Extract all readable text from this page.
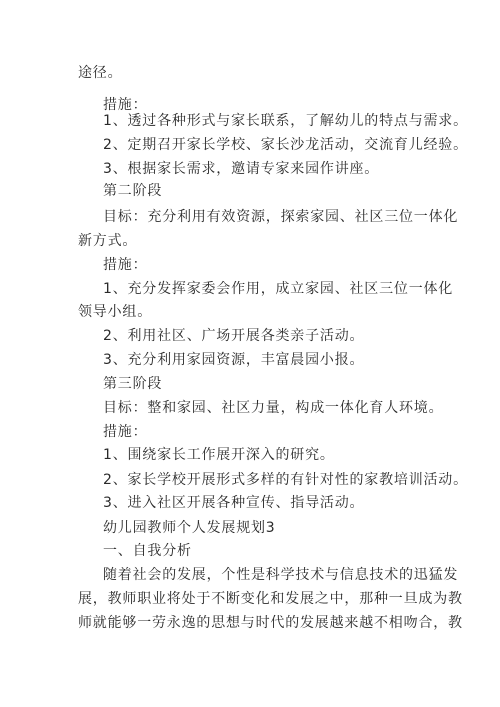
途径。
措施：
1、透过各种形式与家长联系，了解幼儿的特点与需求。
2、定期召开家长学校、家长沙龙活动，交流育儿经验。
3、根据家长需求，邀请专家来园作讲座。
第二阶段
目标：充分利用有效资源，探索家园、社区三位一体化
新方式。
措施：
1、充分发挥家委会作用，成立家园、社区三位一体化
领导小组。
2、利用社区、广场开展各类亲子活动。
3、充分利用家园资源，丰富晨园小报。
第三阶段
目标：整和家园、社区力量，构成一体化育人环境。
措施：
1、围绕家长工作展开深入的研究。
2、家长学校开展形式多样的有针对性的家教培训活动。
3、进入社区开展各种宣传、指导活动。
幼儿园教师个人发展规划3
一、自我分析
随着社会的发展，个性是科学技术与信息技术的迅猛发
展，教师职业将处于不断变化和发展之中，那种一旦成为教
师就能够一劳永逸的思想与时代的发展越来越不相吻合，教
